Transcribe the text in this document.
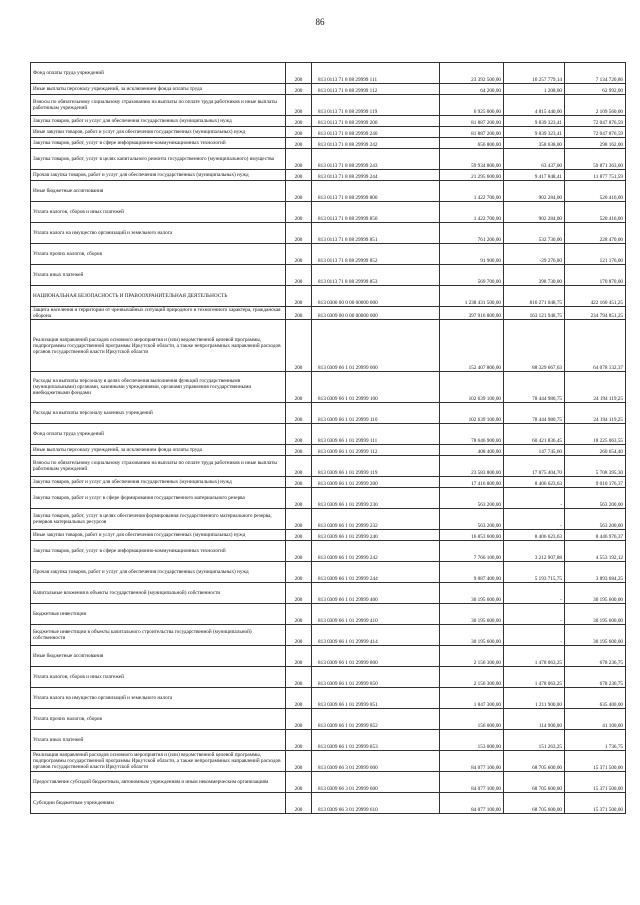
86
Фонд оплаты труда учреждений	200	813 0113 71 8 08 29999 111	23 392 500,00	16 257 779,14	7 134 720,86
Иные выплаты персоналу учреждений, за исключением фонда оплаты труда	200	813 0113 71 8 08 29999 112	64 200,00	1 208,00	62 992,00
Взносы по обязательному социальному страхованию на выплаты по оплате труда работников и иные выплаты работникам учреждений	200	813 0113 71 8 08 29999 119	6 925 000,00	4 815 440,00	2 109 560,00
Закупка товаров, работ и услуг для обеспечения государственных (муниципальных) нужд	200	813 0113 71 8 08 29999 200	81 887 200,00	9 839 323,41	72 047 876,59
Иные закупки товаров, работ и услуг для обеспечения государственных (муниципальных) нужд	200	813 0113 71 8 08 29999 240	81 887 200,00	9 839 323,41	72 047 876,59
Закупка товаров, работ, услуг в сфере информационно-коммуникационных технологий	200	813 0113 71 8 08 29999 242	656 800,00	358 638,00	298 162,00
Закупка товаров, работ, услуг в целях капитального ремонта государственного (муниципального) имущества	200	813 0113 71 8 08 29999 243	59 934 800,00	63 437,00	59 871 363,00
Прочая закупка товаров, работ и услуг для обеспечения государственных (муниципальных) нужд	200	813 0113 71 8 08 29999 244	21 295 600,00	9 417 848,41	11 877 751,59
Иные бюджетные ассигнования	200	813 0113 71 8 08 29999 800	1 422 700,00	902 284,00	520 416,00
Уплата налогов, сборов и иных платежей	200	813 0113 71 8 08 29999 850	1 422 700,00	902 284,00	520 416,00
Уплата налога на имущество организаций и земельного налога	200	813 0113 71 8 08 29999 851	761 200,00	532 730,00	228 470,00
Уплата прочих налогов, сборов	200	813 0113 71 8 08 29999 852	91 900,00	-29 276,00	121 176,00
Уплата иных платежей	200	813 0113 71 8 08 29999 853	569 700,00	398 730,00	170 870,00
НАЦИОНАЛЬНАЯ БЕЗОПАСНОСТЬ И ПРАВООХРАНИТЕЛЬНАЯ ДЕЯТЕЛЬНОСТЬ	200	813 0300 00 0 00 00000 000	1 238 431 500,00	816 271 048,75	422 160 451,25
Защита населения и территории от чрезвычайных ситуаций природного и техногенного характера, гражданская оборона	200	813 0309 00 0 00 00000 000	397 916 800,00	163 121 948,75	234 794 851,25
Реализация направлений расходов основного мероприятия и (или) ведомственной целевой программы, подпрограммы государственной программы Иркутской области, а также непрограммных направлений расходов органов государственной власти Иркутской области	200	813 0309 66 1 01 29999 000	152 407 800,00	88 329 667,63	64 078 132,37
Расходы на выплаты персоналу в целях обеспечения выполнения функций государственными (муниципальными) органами, казенными учреждениями, органами управления государственными внебюджетными фондами	200	813 0309 66 1 01 29999 100	102 639 100,00	78 444 980,75	24 194 119,25
Расходы на выплаты персоналу казенных учреждений	200	813 0309 66 1 01 29999 110	102 639 100,00	78 444 980,75	24 194 119,25
Фонд оплаты труда учреждений	200	813 0309 66 1 01 29999 111	78 646 900,00	60 421 836,45	18 225 063,55
Иные выплаты персоналу учреждений, за исключением фонда оплаты труда	200	813 0309 66 1 01 29999 112	408 400,00	147 745,60	260 654,40
Взносы по обязательному социальному страхованию на выплаты по оплате труда работников и иные выплаты работникам учреждений	200	813 0309 66 1 01 29999 119	23 583 800,00	17 875 404,70	5 708 395,30
Закупка товаров, работ и услуг для обеспечения государственных (муниципальных) нужд	200	813 0309 66 1 01 29999 200	17 416 800,00	8 406 623,63	9 010 176,37
Закупка товаров, работ и услуг в сфере формирования государственного материального резерва	200	813 0309 66 1 01 29999 230	563 200,00	-	563 200,00
Закупка товаров, работ, услуг в целях обеспечения формирования государственного материального резерва, резервов материальных ресурсов	200	813 0309 66 1 01 29999 232	563 200,00	-	563 200,00
Иные закупки товаров, работ и услуг для обеспечения государственных (муниципальных) нужд	200	813 0309 66 1 01 29999 240	16 853 600,00	8 406 623,63	8 446 976,37
Закупка товаров, работ, услуг в сфере информационно-коммуникационных технологий	200	813 0309 66 1 01 29999 242	7 766 100,00	3 212 907,88	4 553 192,12
Прочая закупка товаров, работ и услуг для обеспечения государственных (муниципальных) нужд	200	813 0309 66 1 01 29999 244	9 087 400,00	5 193 715,75	3 893 684,25
Капитальные вложения в объекты государственной (муниципальной) собственности	200	813 0309 66 1 01 29999 400	30 195 600,00	-	30 195 600,00
Бюджетные инвестиции	200	813 0309 66 1 01 29999 410	30 195 600,00	-	30 195 600,00
Бюджетные инвестиции в объекты капитального строительства государственной (муниципальной) собственности	200	813 0309 66 1 01 29999 414	30 195 600,00	-	30 195 600,00
Иные бюджетные ассигнования	200	813 0309 66 1 01 29999 800	2 156 300,00	1 478 063,25	678 236,75
Уплата налогов, сборов и иных платежей	200	813 0309 66 1 01 29999 850	2 156 300,00	1 478 063,25	678 236,75
Уплата налога на имущество организаций и земельного налога	200	813 0309 66 1 01 29999 851	1 847 300,00	1 211 900,00	635 400,00
Уплата прочих налогов, сборов	200	813 0309 66 1 01 29999 852	156 000,00	114 900,00	41 100,00
Уплата иных платежей	200	813 0309 66 1 01 29999 853	153 000,00	151 263,25	1 736,75
Реализация направлений расходов основного мероприятия и (или) ведомственной целевой программы, подпрограммы государственной программы Иркутской области, а также непрограммных направлений расходов органов государственной власти Иркутской области	200	813 0309 66 3 01 29999 000	84 077 100,00	68 705 600,00	15 371 500,00
Предоставление субсидий бюджетным, автономным учреждениям и иным некоммерческим организациям	200	813 0309 66 3 01 29999 600	84 077 100,00	68 705 600,00	15 371 500,00
Субсидии бюджетным учреждениям	200	813 0309 66 3 01 29999 610	84 077 100,00	68 705 600,00	15 371 500,00
